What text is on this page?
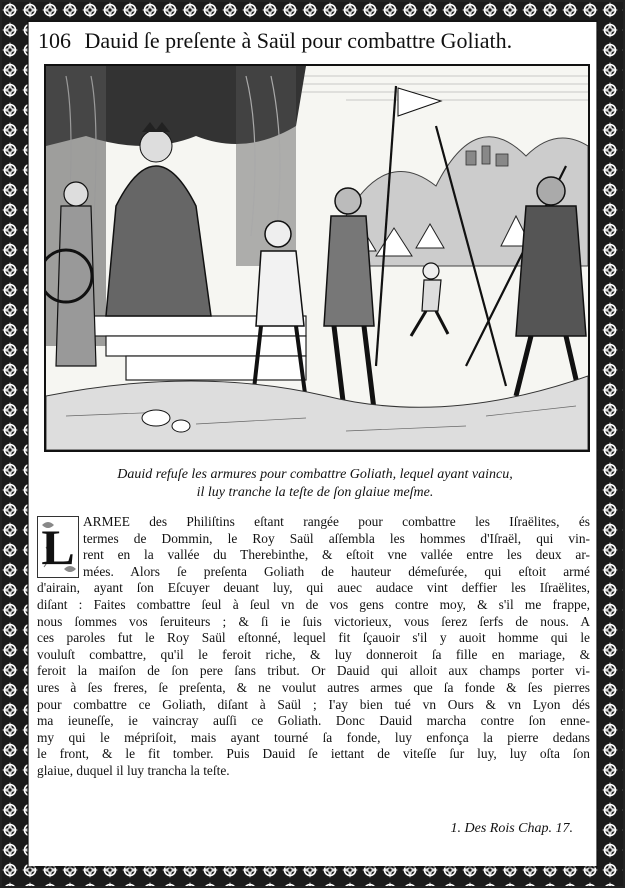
106 Dauid ſe preſente à Saül pour combattre Goliath.
Dauid refuſe les armures pour combattre Goliath, lequel ayant vaincu,
il luy tranche la teſte de ſon glaiue meſme.
L ARMEE des Philiſtins eſtant rangée pour combattre les Iſraëlites, és
termes de Dommin, le Roy Saül aſſembla les hommes d'Iſraël, qui vin-
rent en la vallée du Therebinthe, & eſtoit vne vallée entre les deux ar-
mées. Alors ſe preſenta Goliath de hauteur démeſurée, qui eſtoit armé
d'airain, ayant ſon Eſcuyer deuant luy, qui auec audace vint deffier les Iſraëlites,
diſant : Faites combattre ſeul à ſeul vn de vos gens contre moy, & s'il me frappe,
nous ſommes vos ſeruiteurs ; & ſi ie ſuis victorieux, vous ſerez ſerfs de nous. A
ces paroles fut le Roy Saül eſtonné, lequel fit ſçauoir s'il y auoit homme qui le
vouluſt combattre, qu'il le feroit riche, & luy donneroit ſa fille en mariage, &
feroit la maiſon de ſon pere ſans tribut. Or Dauid qui alloit aux champs porter vi-
ures à ſes freres, ſe preſenta, & ne voulut autres armes que ſa fonde & ſes pierres
pour combattre ce Goliath, diſant à Saül ; I'ay bien tué vn Ours & vn Lyon dés
ma ieuneſſe, ie vaincray auſſi ce Goliath. Donc Dauid marcha contre ſon enne-
my qui le mépriſoit, mais ayant tourné ſa fonde, luy enfonça la pierre dedans
le front, & le fit tomber. Puis Dauid ſe iettant de viteſſe ſur luy, luy oſta ſon
glaiue, duquel il luy trancha la teſte.
1. Des Rois Chap. 17.
